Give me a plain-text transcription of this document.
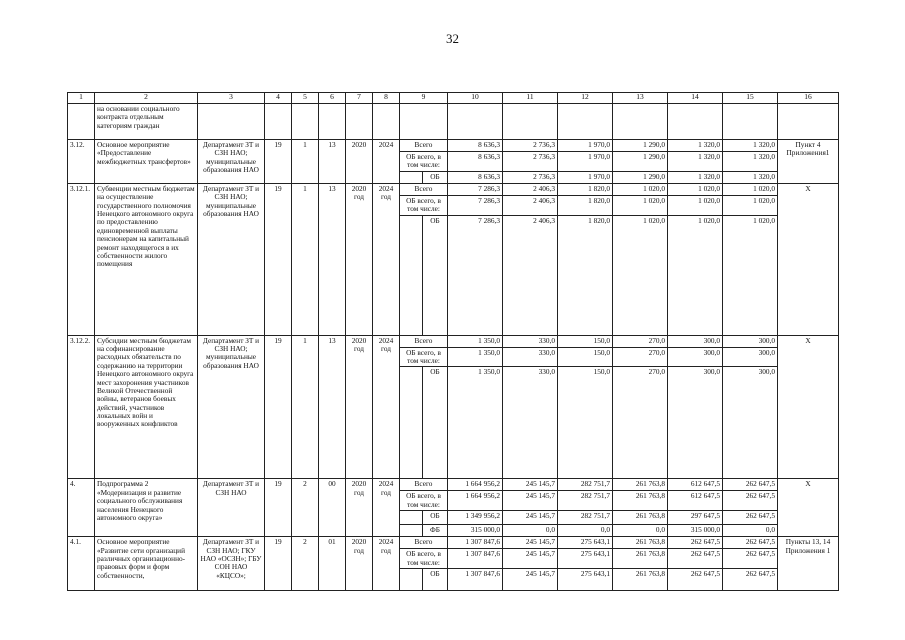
32
1	2	3	4	5	6	7	8	9		10	11	12	13	14	15	16
	на основании социального контракта отдельным категориям граждан															
3.12.	Основное мероприятие «Предоставление межбюджетных трансфертов»	Департамент ЗТ и СЗН НАО; муниципальные образования НАО	19	1	13	2020	2024	Всего		8 636,3	2 736,3	1 970,0	1 290,0	1 320,0	1 320,0	Пункт 4 Приложения1
								ОБ всего, в том числе:		8 636,3	2 736,3	1 970,0	1 290,0	1 320,0	1 320,0	
									ОБ	8 636,3	2 736,3	1 970,0	1 290,0	1 320,0	1 320,0	
3.12.1.	Субвенции местным бюджетам на осуществление государственного полномочия Ненецкого автономного округа по предоставлению единовременной выплаты пенсионерам на капитальный ремонт находящегося в их собственности жилого помещения	Департамент ЗТ и СЗН НАО; муниципальные образования НАО	19	1	13	2020 год	2024 год	Всего		7 286,3	2 406,3	1 820,0	1 020,0	1 020,0	1 020,0	X
								ОБ всего, в том числе:		7 286,3	2 406,3	1 820,0	1 020,0	1 020,0	1 020,0	
									ОБ	7 286,3	2 406,3	1 820,0	1 020,0	1 020,0	1 020,0	
3.12.2.	Субсидии местным бюджетам на софинансирование расходных обязательств по содержанию на территории Ненецкого автономного округа мест захоронения участников Великой Отечественной войны, ветеранов боевых действий, участников локальных войн и вооруженных конфликтов	Департамент ЗТ и СЗН НАО; муниципальные образования НАО	19	1	13	2020 год	2024 год	Всего		1 350,0	330,0	150,0	270,0	300,0	300,0	X
								ОБ всего, в том числе:		1 350,0	330,0	150,0	270,0	300,0	300,0	
									ОБ	1 350,0	330,0	150,0	270,0	300,0	300,0	
4.	Подпрограмма 2 «Модернизация и развитие социального обслуживания населения Ненецкого автономного округа»	Департамент ЗТ и СЗН НАО	19	2	00	2020 год	2024 год	Всего		1 664 956,2	245 145,7	282 751,7	261 763,8	612 647,5	262 647,5	X
								ОБ всего, в том числе:		1 664 956,2	245 145,7	282 751,7	261 763,8	612 647,5	262 647,5	
									ОБ	1 349 956,2	245 145,7	282 751,7	261 763,8	297 647,5	262 647,5	
									ФБ	315 000,0	0,0	0,0	0,0	315 000,0	0,0	
4.1.	Основное мероприятие «Развитие сети организаций различных организационно-правовых форм и форм собственности,	Департамент ЗТ и СЗН НАО; ГКУ НАО «ОСЗН»; ГБУ СОН НАО «КЦСО»;	19	2	01	2020 год	2024 год	Всего		1 307 847,6	245 145,7	275 643,1	261 763,8	262 647,5	262 647,5	Пункты 13, 14 Приложения 1
								ОБ всего, в том числе:		1 307 847,6	245 145,7	275 643,1	261 763,8	262 647,5	262 647,5	
									ОБ	1 307 847,6	245 145,7	275 643,1	261 763,8	262 647,5	262 647,5	
